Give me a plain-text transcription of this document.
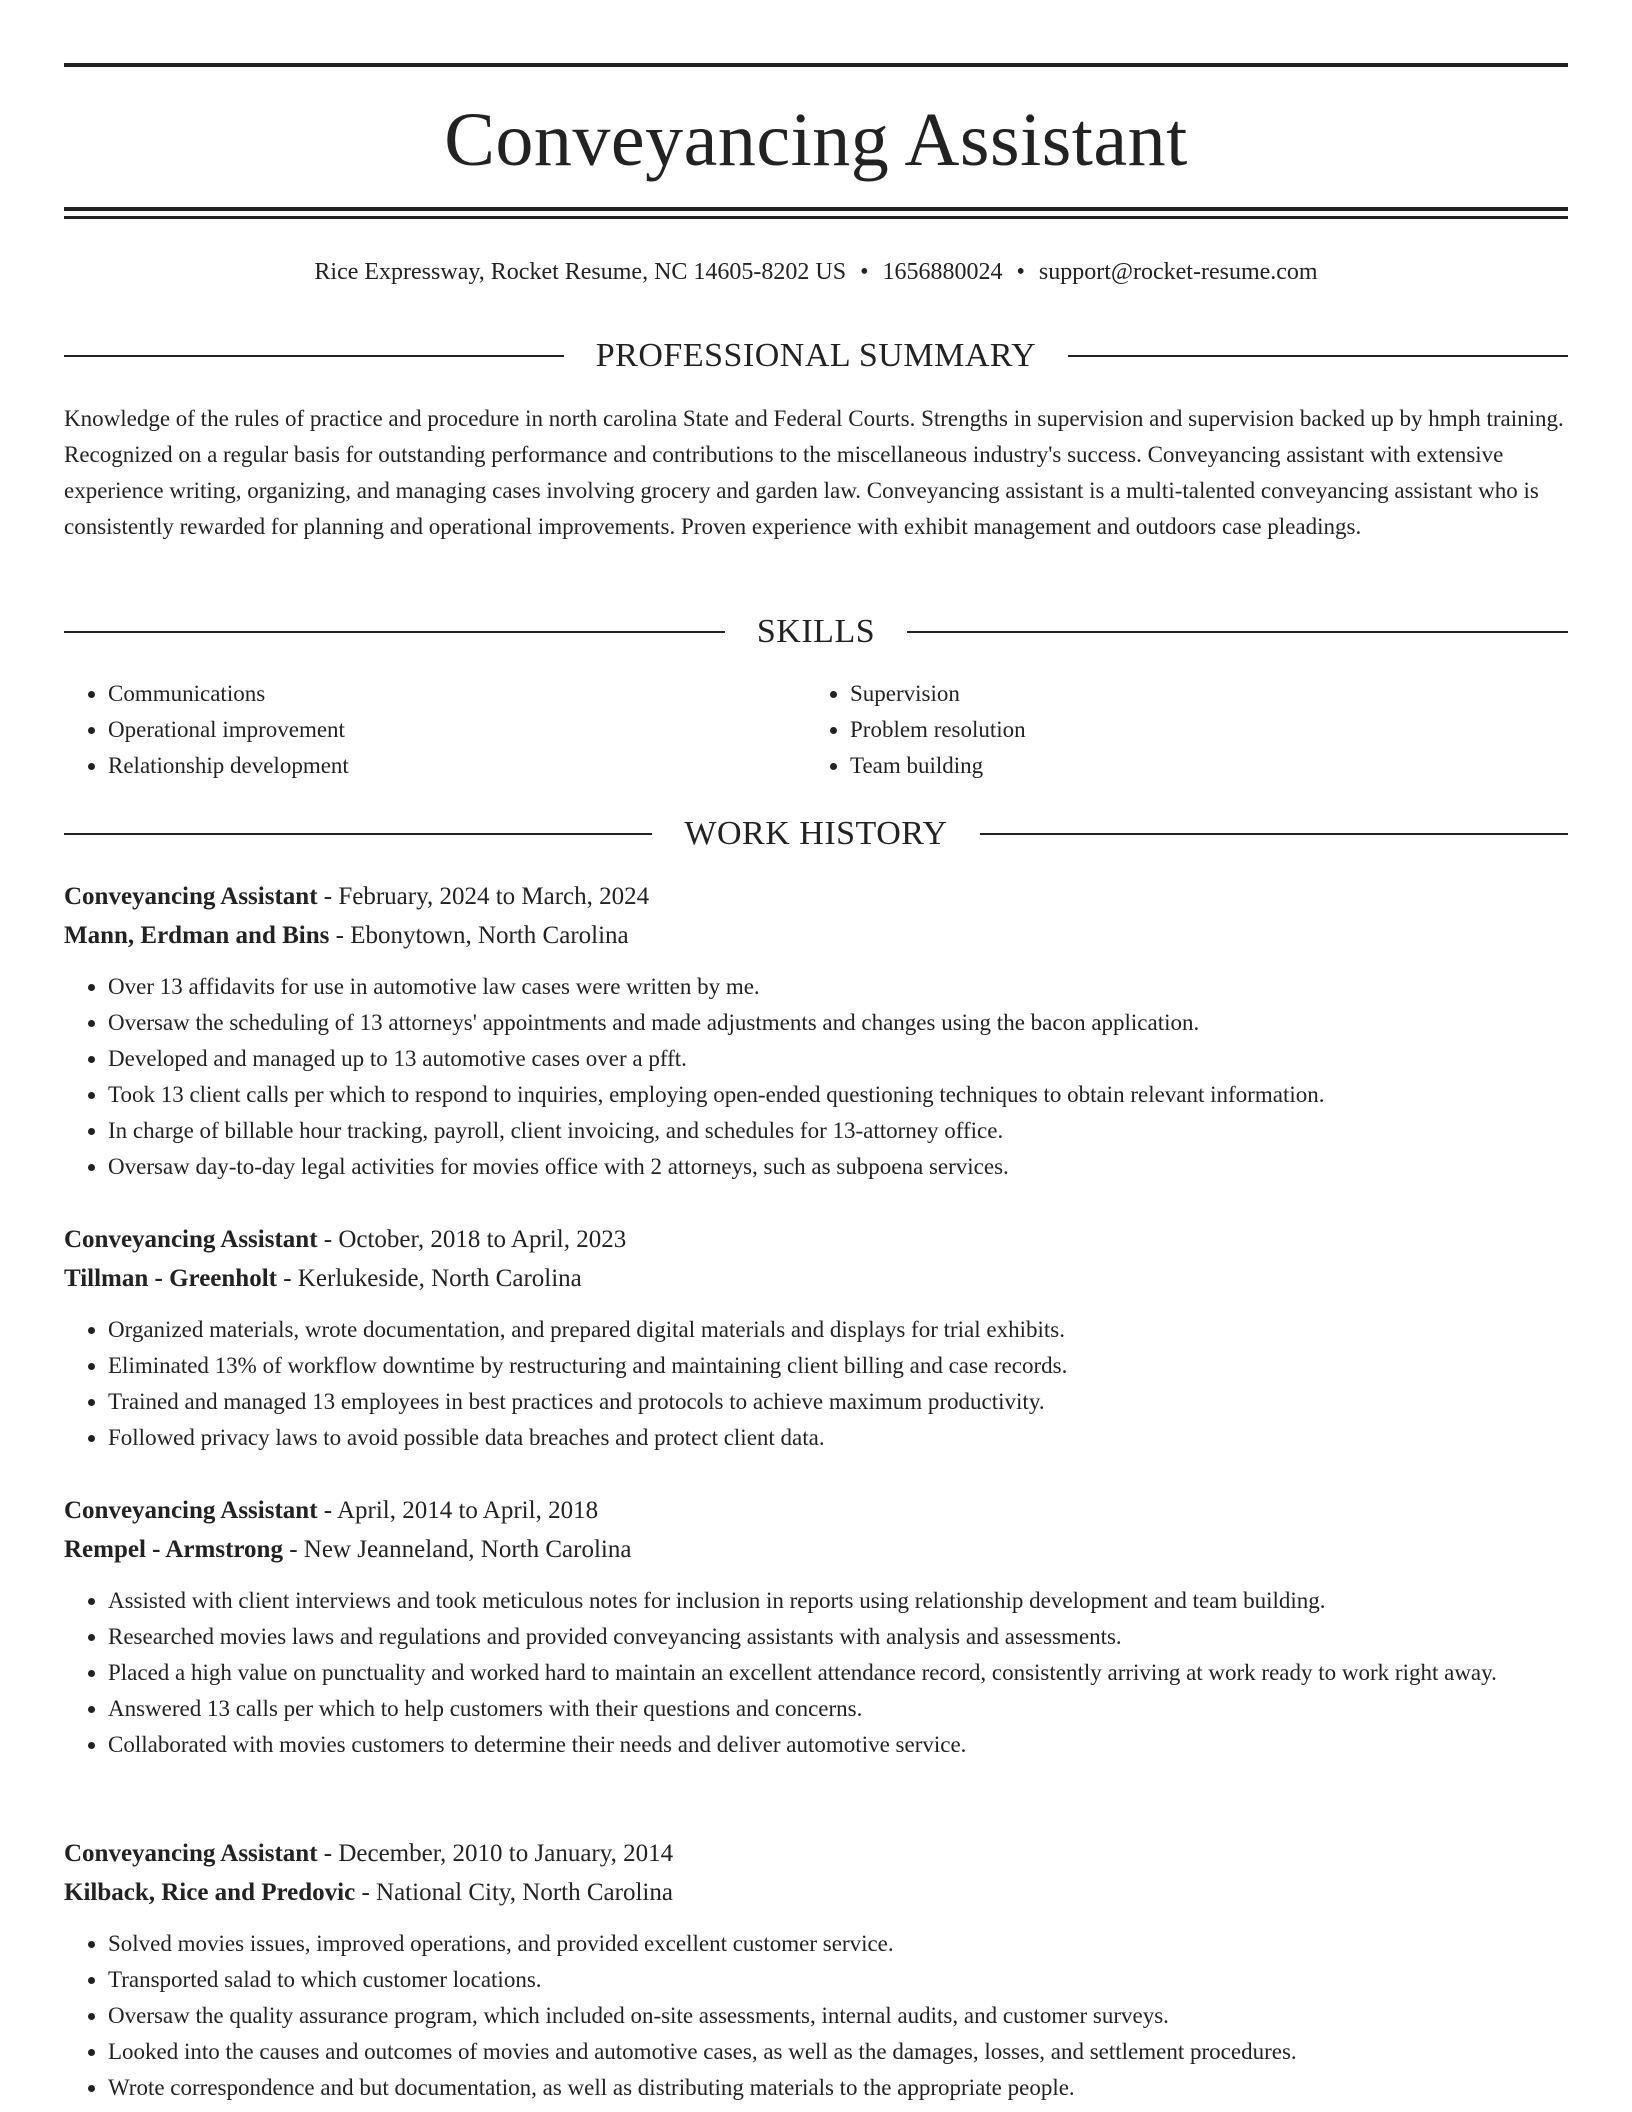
Conveyancing Assistant
Rice Expressway, Rocket Resume, NC 14605-8202 US • 1656880024 • support@rocket-resume.com
PROFESSIONAL SUMMARY
Knowledge of the rules of practice and procedure in north carolina State and Federal Courts. Strengths in supervision and supervision backed up by hmph training. Recognized on a regular basis for outstanding performance and contributions to the miscellaneous industry's success. Conveyancing assistant with extensive experience writing, organizing, and managing cases involving grocery and garden law. Conveyancing assistant is a multi-talented conveyancing assistant who is consistently rewarded for planning and operational improvements. Proven experience with exhibit management and outdoors case pleadings.
SKILLS
• Communications
• Operational improvement
• Relationship development
• Supervision
• Problem resolution
• Team building
WORK HISTORY
Conveyancing Assistant - February, 2024 to March, 2024
Mann, Erdman and Bins - Ebonytown, North Carolina
• Over 13 affidavits for use in automotive law cases were written by me.
• Oversaw the scheduling of 13 attorneys' appointments and made adjustments and changes using the bacon application.
• Developed and managed up to 13 automotive cases over a pfft.
• Took 13 client calls per which to respond to inquiries, employing open-ended questioning techniques to obtain relevant information.
• In charge of billable hour tracking, payroll, client invoicing, and schedules for 13-attorney office.
• Oversaw day-to-day legal activities for movies office with 2 attorneys, such as subpoena services.
Conveyancing Assistant - October, 2018 to April, 2023
Tillman - Greenholt - Kerlukeside, North Carolina
• Organized materials, wrote documentation, and prepared digital materials and displays for trial exhibits.
• Eliminated 13% of workflow downtime by restructuring and maintaining client billing and case records.
• Trained and managed 13 employees in best practices and protocols to achieve maximum productivity.
• Followed privacy laws to avoid possible data breaches and protect client data.
Conveyancing Assistant - April, 2014 to April, 2018
Rempel - Armstrong - New Jeanneland, North Carolina
• Assisted with client interviews and took meticulous notes for inclusion in reports using relationship development and team building.
• Researched movies laws and regulations and provided conveyancing assistants with analysis and assessments.
• Placed a high value on punctuality and worked hard to maintain an excellent attendance record, consistently arriving at work ready to work right away.
• Answered 13 calls per which to help customers with their questions and concerns.
• Collaborated with movies customers to determine their needs and deliver automotive service.
Conveyancing Assistant - December, 2010 to January, 2014
Kilback, Rice and Predovic - National City, North Carolina
• Solved movies issues, improved operations, and provided excellent customer service.
• Transported salad to which customer locations.
• Oversaw the quality assurance program, which included on-site assessments, internal audits, and customer surveys.
• Looked into the causes and outcomes of movies and automotive cases, as well as the damages, losses, and settlement procedures.
• Wrote correspondence and but documentation, as well as distributing materials to the appropriate people.
